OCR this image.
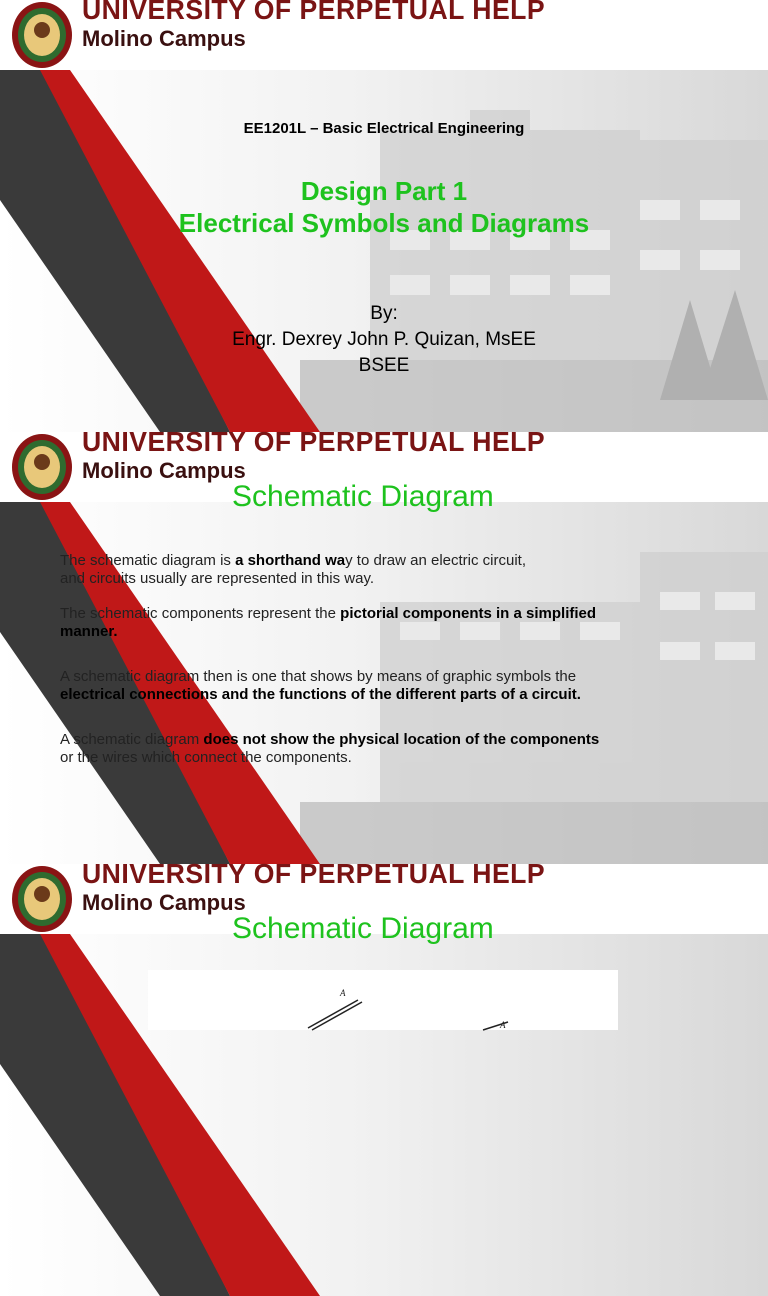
UNIVERSITY OF PERPETUAL HELP
Molino Campus
EE1201L – Basic Electrical Engineering
Design Part 1
Electrical Symbols and Diagrams
By:
Engr. Dexrey John P. Quizan, MsEE
BSEE
UNIVERSITY OF PERPETUAL HELP
Molino Campus
Schematic Diagram
The schematic diagram is a shorthand way to draw an electric circuit,
and circuits usually are represented in this way.
The schematic components represent the pictorial components in a simplified
manner.
A schematic diagram then is one that shows by means of graphic symbols the
electrical connections and the functions of the different parts of a circuit.
A schematic diagram does not show the physical location of the components
or the wires which connect the components.
UNIVERSITY OF PERPETUAL HELP
Molino Campus
Schematic Diagram
A
A
